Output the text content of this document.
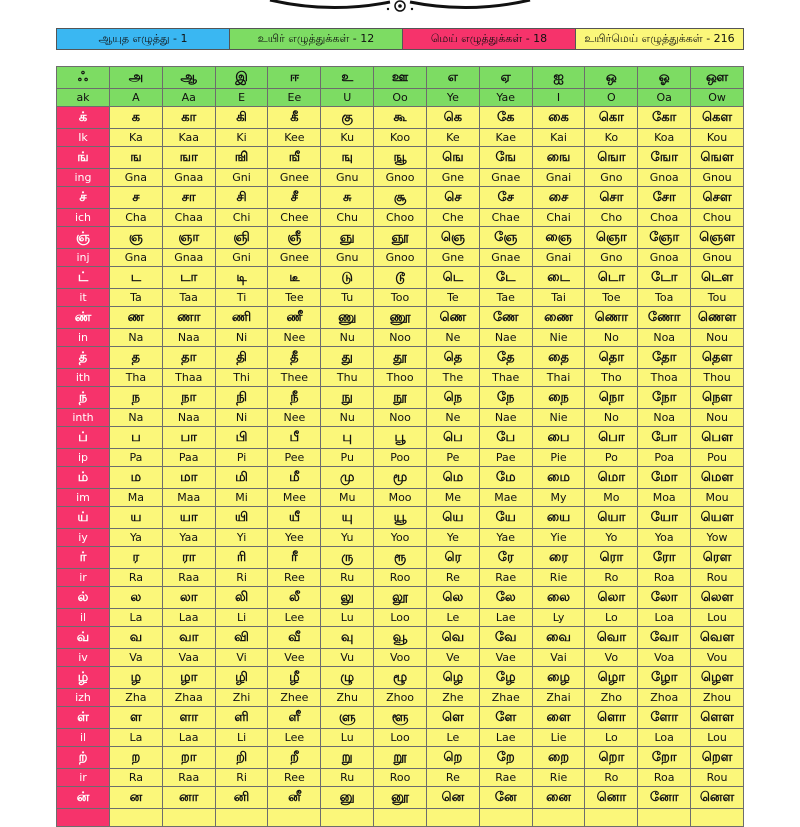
ஆயுத எழுத்து - 1	உயிர் எழுத்துக்கள் - 12	மெய் எழுத்துக்கள் - 18	உயிர்மெய் எழுத்துக்கள் - 216
ஃ	அ	ஆ	இ	ஈ	உ	ஊ	எ	ஏ	ஐ	ஒ	ஓ	ஔ
ak	A	Aa	E	Ee	U	Oo	Ye	Yae	I	O	Oa	Ow
க்	க	கா	கி	கீ	கு	கூ	கெ	கே	கை	கொ	கோ	கௌ
Ik	Ka	Kaa	Ki	Kee	Ku	Koo	Ke	Kae	Kai	Ko	Koa	Kou
ங்	ங	ஙா	ஙி	ஙீ	ஙு	ஙூ	ஙெ	ஙே	ஙை	ஙொ	ஙோ	ஙௌ
ing	Gna	Gnaa	Gni	Gnee	Gnu	Gnoo	Gne	Gnae	Gnai	Gno	Gnoa	Gnou
ச்	ச	சா	சி	சீ	சு	சூ	செ	சே	சை	சொ	சோ	சௌ
ich	Cha	Chaa	Chi	Chee	Chu	Choo	Che	Chae	Chai	Cho	Choa	Chou
ஞ்	ஞ	ஞா	ஞி	ஞீ	ஞு	ஞூ	ஞெ	ஞே	ஞை	ஞொ	ஞோ	ஞௌ
inj	Gna	Gnaa	Gni	Gnee	Gnu	Gnoo	Gne	Gnae	Gnai	Gno	Gnoa	Gnou
ட்	ட	டா	டி	டீ	டு	டூ	டெ	டே	டை	டொ	டோ	டௌ
it	Ta	Taa	Ti	Tee	Tu	Too	Te	Tae	Tai	Toe	Toa	Tou
ண்	ண	ணா	ணி	ணீ	ணு	ணூ	ணெ	ணே	ணை	ணொ	ணோ	ணௌ
in	Na	Naa	Ni	Nee	Nu	Noo	Ne	Nae	Nie	No	Noa	Nou
த்	த	தா	தி	தீ	து	தூ	தெ	தே	தை	தொ	தோ	தௌ
ith	Tha	Thaa	Thi	Thee	Thu	Thoo	The	Thae	Thai	Tho	Thoa	Thou
ந்	ந	நா	நி	நீ	நு	நூ	நெ	நே	நை	நொ	நோ	நௌ
inth	Na	Naa	Ni	Nee	Nu	Noo	Ne	Nae	Nie	No	Noa	Nou
ப்	ப	பா	பி	பீ	பு	பூ	பெ	பே	பை	பொ	போ	பௌ
ip	Pa	Paa	Pi	Pee	Pu	Poo	Pe	Pae	Pie	Po	Poa	Pou
ம்	ம	மா	மி	மீ	மு	மூ	மெ	மே	மை	மொ	மோ	மௌ
im	Ma	Maa	Mi	Mee	Mu	Moo	Me	Mae	My	Mo	Moa	Mou
ய்	ய	யா	யி	யீ	யு	யூ	யெ	யே	யை	யொ	யோ	யௌ
iy	Ya	Yaa	Yi	Yee	Yu	Yoo	Ye	Yae	Yie	Yo	Yoa	Yow
ர்	ர	ரா	ரி	ரீ	ரு	ரூ	ரெ	ரே	ரை	ரொ	ரோ	ரௌ
ir	Ra	Raa	Ri	Ree	Ru	Roo	Re	Rae	Rie	Ro	Roa	Rou
ல்	ல	லா	லி	லீ	லு	லூ	லெ	லே	லை	லொ	லோ	லௌ
il	La	Laa	Li	Lee	Lu	Loo	Le	Lae	Ly	Lo	Loa	Lou
வ்	வ	வா	வி	வீ	வு	வூ	வெ	வே	வை	வொ	வோ	வௌ
iv	Va	Vaa	Vi	Vee	Vu	Voo	Ve	Vae	Vai	Vo	Voa	Vou
ழ்	ழ	ழா	ழி	ழீ	ழு	ழூ	ழெ	ழே	ழை	ழொ	ழோ	ழௌ
izh	Zha	Zhaa	Zhi	Zhee	Zhu	Zhoo	Zhe	Zhae	Zhai	Zho	Zhoa	Zhou
ள்	ள	ளா	ளி	ளீ	ளு	ளூ	ளெ	ளே	ளை	ளொ	ளோ	ளௌ
il	La	Laa	Li	Lee	Lu	Loo	Le	Lae	Lie	Lo	Loa	Lou
ற்	ற	றா	றி	றீ	று	றூ	றெ	றே	றை	றொ	றோ	றௌ
ir	Ra	Raa	Ri	Ree	Ru	Roo	Re	Rae	Rie	Ro	Roa	Rou
ன்	ன	னா	னி	னீ	னு	னூ	னெ	னே	னை	னொ	னோ	னௌ
